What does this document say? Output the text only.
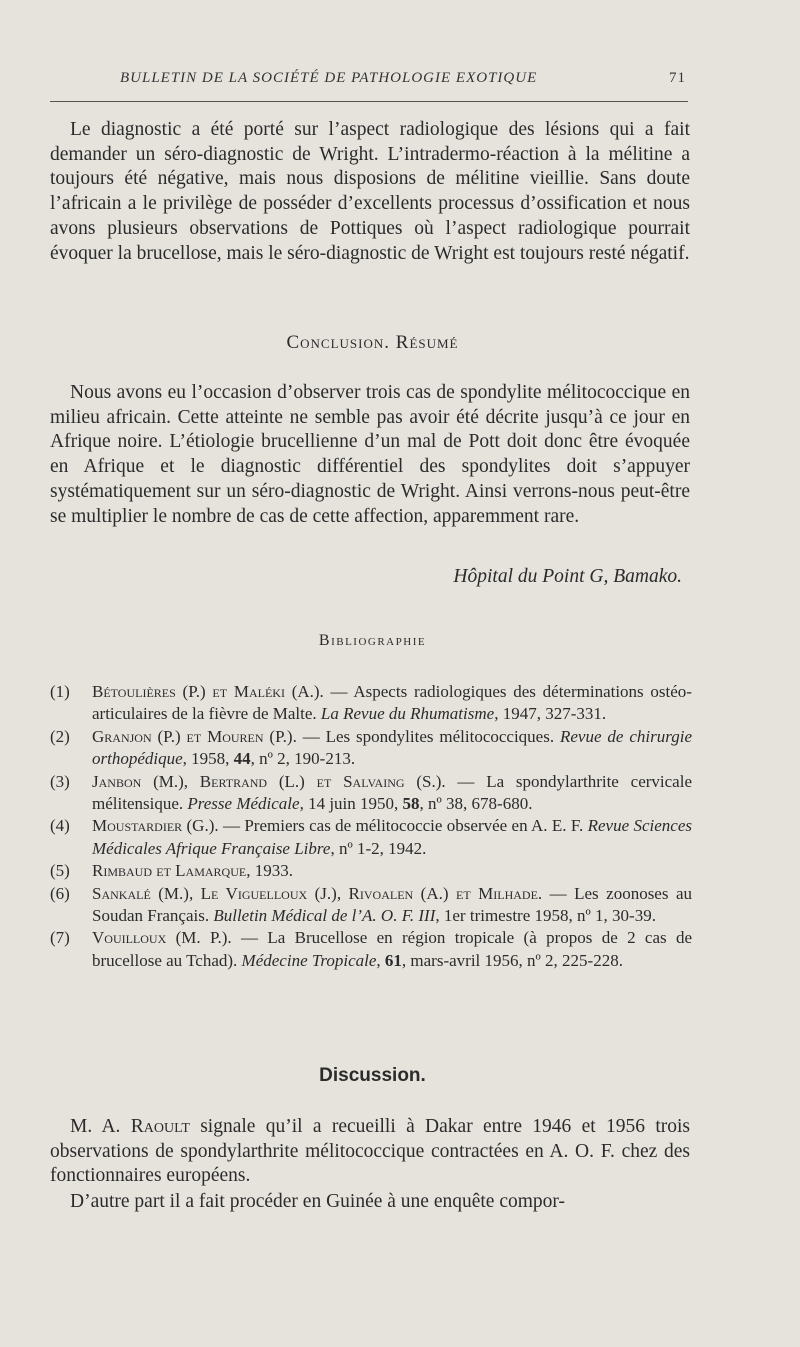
BULLETIN DE LA SOCIÉTÉ DE PATHOLOGIE EXOTIQUE	71

Le diagnostic a été porté sur l’aspect radiologique des lésions qui a fait demander un séro-diagnostic de Wright. L’intradermo-réaction à la mélitine a toujours été négative, mais nous disposions de mélitine vieillie. Sans doute l’africain a le privilège de posséder d’excellents processus d’ossification et nous avons plusieurs observations de Pottiques où l’aspect radiologique pourrait évoquer la brucellose, mais le séro-diagnostic de Wright est toujours resté négatif.

Conclusion. Résumé

Nous avons eu l’occasion d’observer trois cas de spondylite mélitococcique en milieu africain. Cette atteinte ne semble pas avoir été décrite jusqu’à ce jour en Afrique noire. L’étiologie brucellienne d’un mal de Pott doit donc être évoquée en Afrique et le diagnostic différentiel des spondylites doit s’appuyer systématiquement sur un séro-diagnostic de Wright. Ainsi verrons-nous peut-être se multiplier le nombre de cas de cette affection, apparemment rare.

Hôpital du Point G, Bamako.
Bibliographie
(1) Bétoulières (P.) et Maléki (A.). — Aspects radiologiques des déterminations ostéo-articulaires de la fièvre de Malte. La Revue du Rhumatisme, 1947, 327-331.
(2) Granjon (P.) et Mouren (P.). — Les spondylites mélitococciques. Revue de chirurgie orthopédique, 1958, 44, nº 2, 190-213.
(3) Janbon (M.), Bertrand (L.) et Salvaing (S.). — La spondylarthrite cervicale mélitensique. Presse Médicale, 14 juin 1950, 58, nº 38, 678-680.
(4) Moustardier (G.). — Premiers cas de mélitococcie observée en A. E. F. Revue Sciences Médicales Afrique Française Libre, nº 1-2, 1942.
(5) Rimbaud et Lamarque, 1933.
(6) Sankalé (M.), Le Viguelloux (J.), Rivoalen (A.) et Milhade. — Les zoonoses au Soudan Français. Bulletin Médical de l’A. O. F. III, 1er trimestre 1958, nº 1, 30-39.
(7) Vouilloux (M. P.). — La Brucellose en région tropicale (à propos de 2 cas de brucellose au Tchad). Médecine Tropicale, 61, mars-avril 1956, nº 2, 225-228.
Discussion.

M. A. Raoult signale qu’il a recueilli à Dakar entre 1946 et 1956 trois observations de spondylarthrite mélitococcique contractées en A. O. F. chez des fonctionnaires européens.

D’autre part il a fait procéder en Guinée à une enquête compor-
